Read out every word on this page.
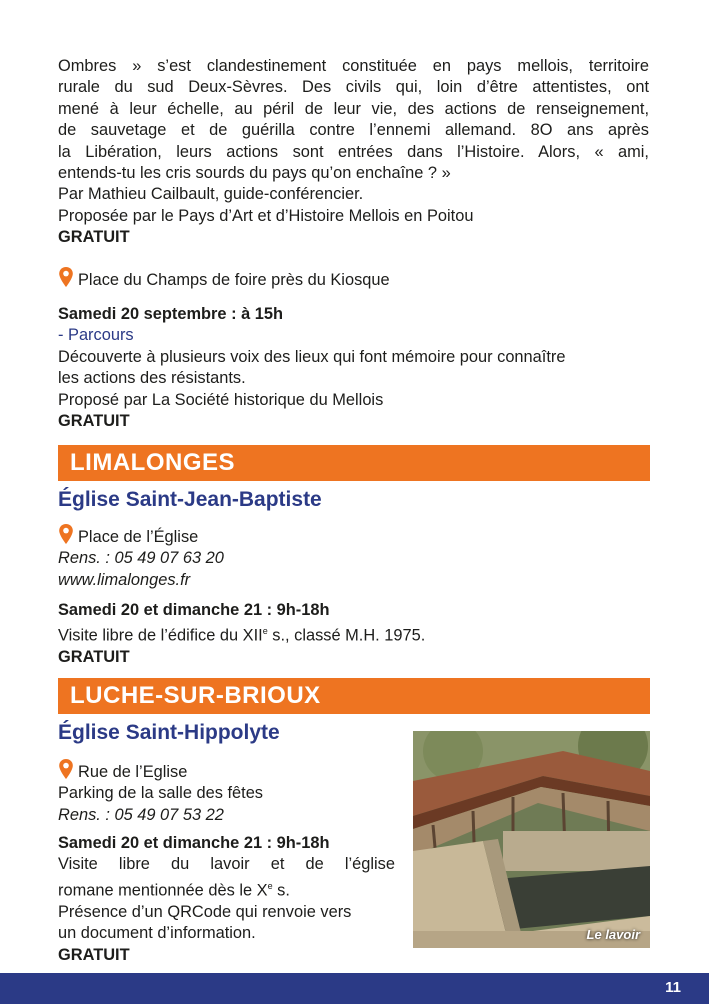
Ombres » s’est clandestinement constituée en pays mellois, territoire
rurale du sud Deux-Sèvres. Des civils qui, loin d’être attentistes, ont
mené à leur échelle, au péril de leur vie, des actions de renseignement,
de sauvetage et de guérilla contre l’ennemi allemand. 8O ans après
la Libération, leurs actions sont entrées dans l’Histoire. Alors, « ami,
entends-tu les cris sourds du pays qu’on enchaîne ? »
Par Mathieu Cailbault, guide-conférencier.
Proposée par le Pays d’Art et d’Histoire Mellois en Poitou
GRATUIT
Place du Champs de foire près du Kiosque
Samedi 20 septembre : à 15h
- Parcours
Découverte à plusieurs voix des lieux qui font mémoire pour connaître
les actions des résistants.
Proposé par La Société historique du Mellois
GRATUIT
LIMALONGES
Église Saint-Jean-Baptiste
Place de l’Église
Rens. : 05 49 07 63 20
www.limalonges.fr
Samedi 20 et dimanche 21 : 9h-18h
Visite libre de l’édifice du XIIe s., classé M.H. 1975.
GRATUIT
LUCHE-SUR-BRIOUX
Église Saint-Hippolyte
Rue de l’Eglise
Parking de la salle des fêtes
Rens. : 05 49 07 53 22
Samedi 20 et dimanche 21 : 9h-18h
Visite libre du lavoir et de l’église
romane mentionnée dès le Xe s.
Présence d’un QRCode qui renvoie vers
un document d’information.
GRATUIT
Le lavoir
11
